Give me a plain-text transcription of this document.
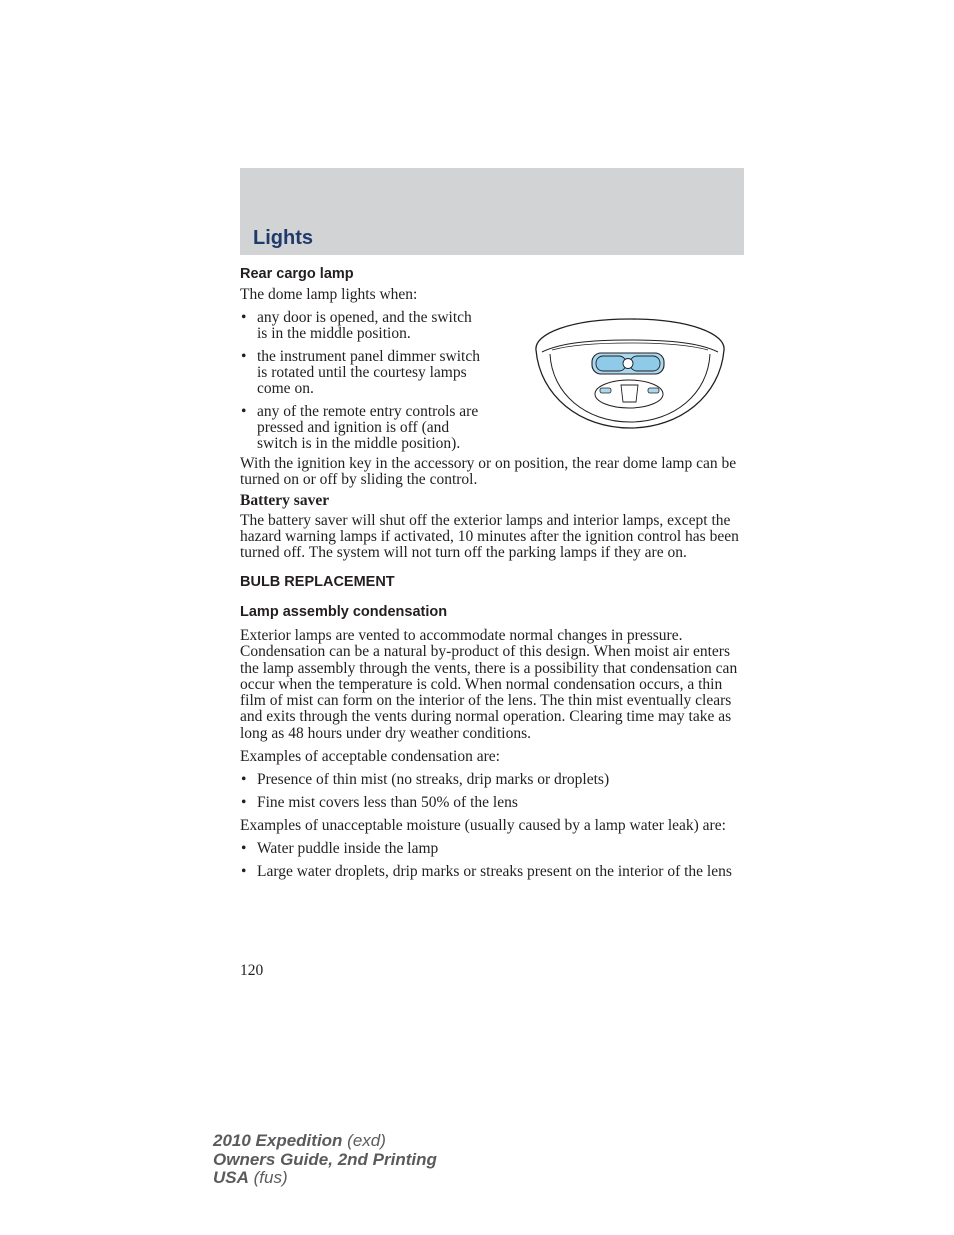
Lights
Rear cargo lamp

The dome lamp lights when:

• any door is opened, and the switch is in the middle position.
• the instrument panel dimmer switch is rotated until the courtesy lamps come on.
• any of the remote entry controls are pressed and ignition is off (and switch is in the middle position).

With the ignition key in the accessory or on position, the rear dome lamp can be turned on or off by sliding the control.

Battery saver

The battery saver will shut off the exterior lamps and interior lamps, except the hazard warning lamps if activated, 10 minutes after the ignition control has been turned off. The system will not turn off the parking lamps if they are on.

BULB REPLACEMENT
Lamp assembly condensation

Exterior lamps are vented to accommodate normal changes in pressure. Condensation can be a natural by-product of this design. When moist air enters the lamp assembly through the vents, there is a possibility that condensation can occur when the temperature is cold. When normal condensation occurs, a thin film of mist can form on the interior of the lens. The thin mist eventually clears and exits through the vents during normal operation. Clearing time may take as long as 48 hours under dry weather conditions.

Examples of acceptable condensation are:

• Presence of thin mist (no streaks, drip marks or droplets)
• Fine mist covers less than 50% of the lens

Examples of unacceptable moisture (usually caused by a lamp water leak) are:

• Water puddle inside the lamp
• Large water droplets, drip marks or streaks present on the interior of the lens
120
2010 Expedition (exd)
Owners Guide, 2nd Printing
USA (fus)
